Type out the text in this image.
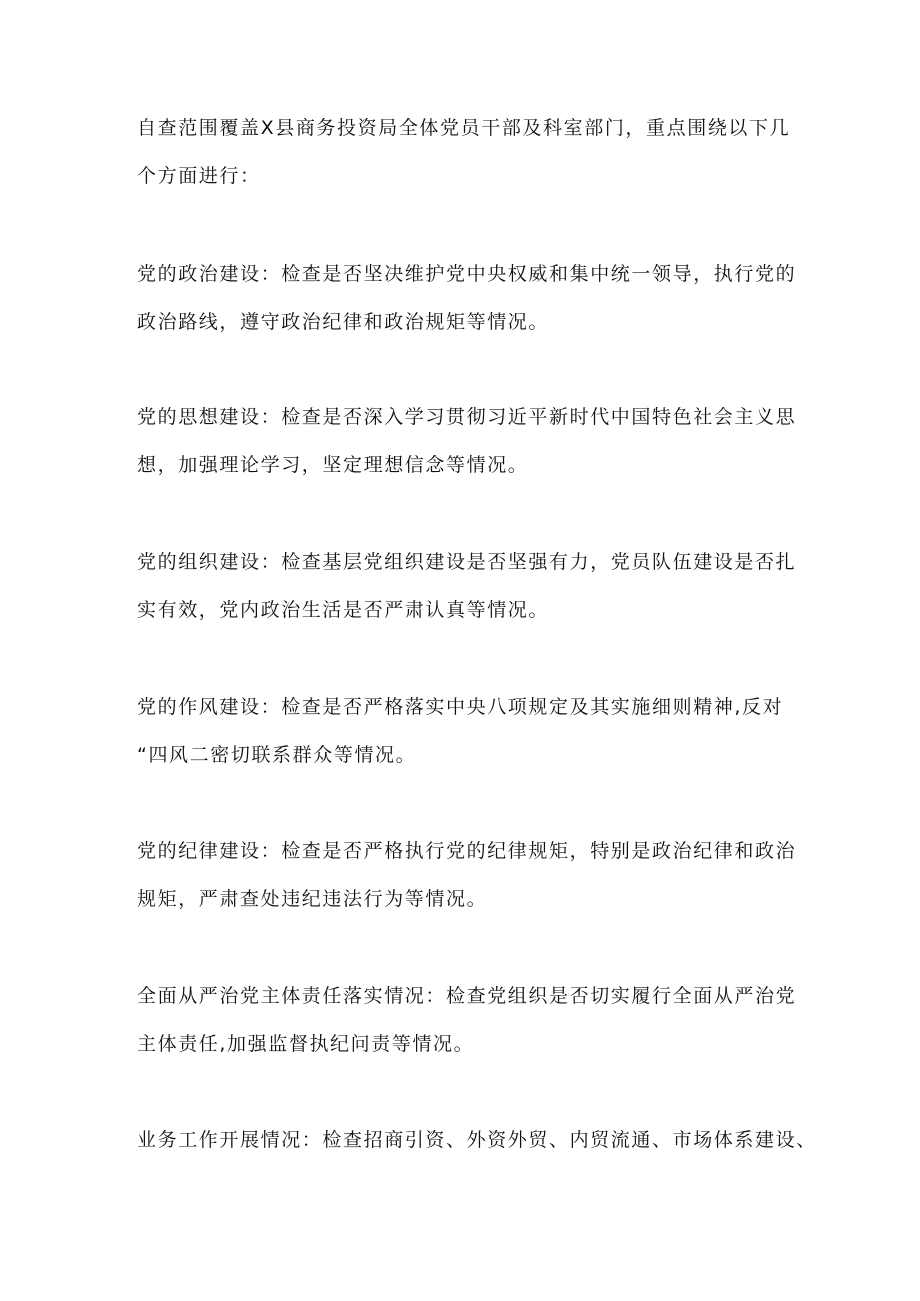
自查范围覆盖X县商务投资局全体党员干部及科室部门，重点围绕以下几
个方面进行：

党的政治建设：检查是否坚决维护党中央权威和集中统一领导，执行党的
政治路线，遵守政治纪律和政治规矩等情况。

党的思想建设：检查是否深入学习贯彻习近平新时代中国特色社会主义思
想，加强理论学习，坚定理想信念等情况。

党的组织建设：检查基层党组织建设是否坚强有力，党员队伍建设是否扎
实有效，党内政治生活是否严肃认真等情况。

党的作风建设：检查是否严格落实中央八项规定及其实施细则精神,反对
“四风二密切联系群众等情况。

党的纪律建设：检查是否严格执行党的纪律规矩，特别是政治纪律和政治
规矩，严肃查处违纪违法行为等情况。

全面从严治党主体责任落实情况：检查党组织是否切实履行全面从严治党
主体责任,加强监督执纪问责等情况。

业务工作开展情况：检查招商引资、外资外贸、内贸流通、市场体系建设、
